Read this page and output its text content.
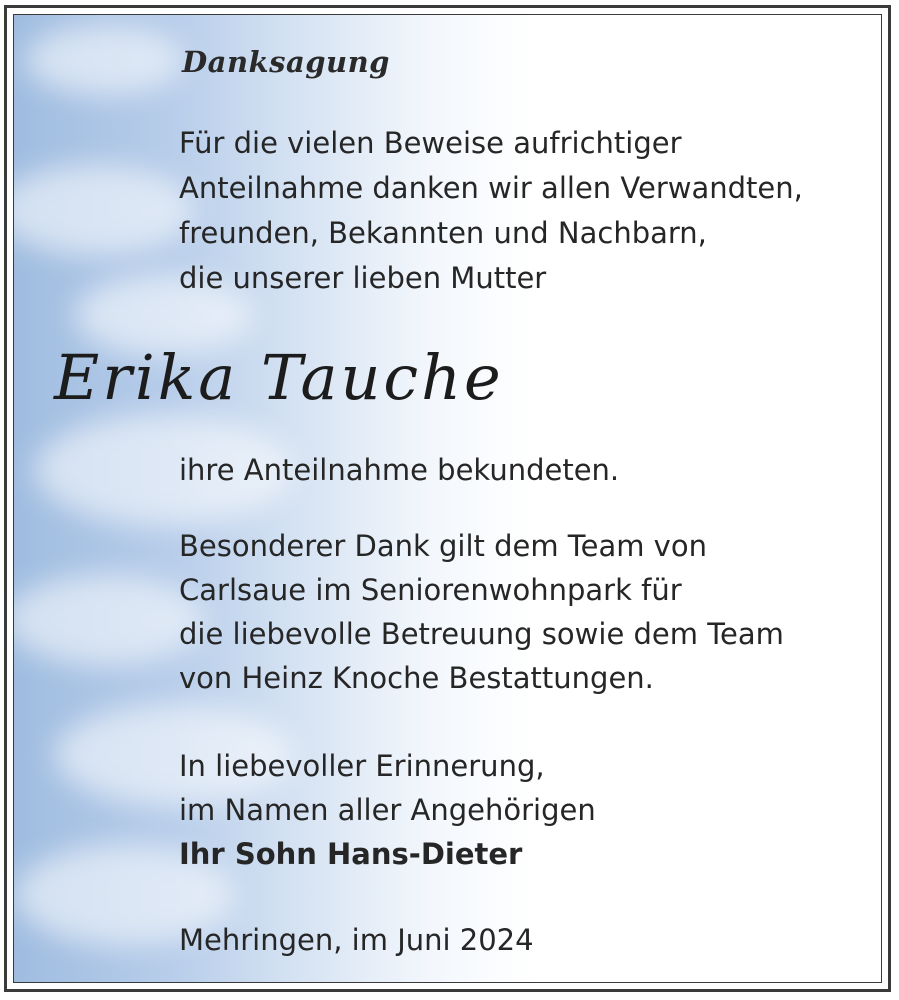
Danksagung
Für die vielen Beweise aufrichtiger
Anteilnahme danken wir allen Verwandten,
freunden, Bekannten und Nachbarn,
die unserer lieben Mutter
Erika Tauche
ihre Anteilnahme bekundeten.
Besonderer Dank gilt dem Team von
Carlsaue im Seniorenwohnpark für
die liebevolle Betreuung sowie dem Team
von Heinz Knoche Bestattungen.
In liebevoller Erinnerung,
im Namen aller Angehörigen
Ihr Sohn Hans-Dieter
Mehringen, im Juni 2024
